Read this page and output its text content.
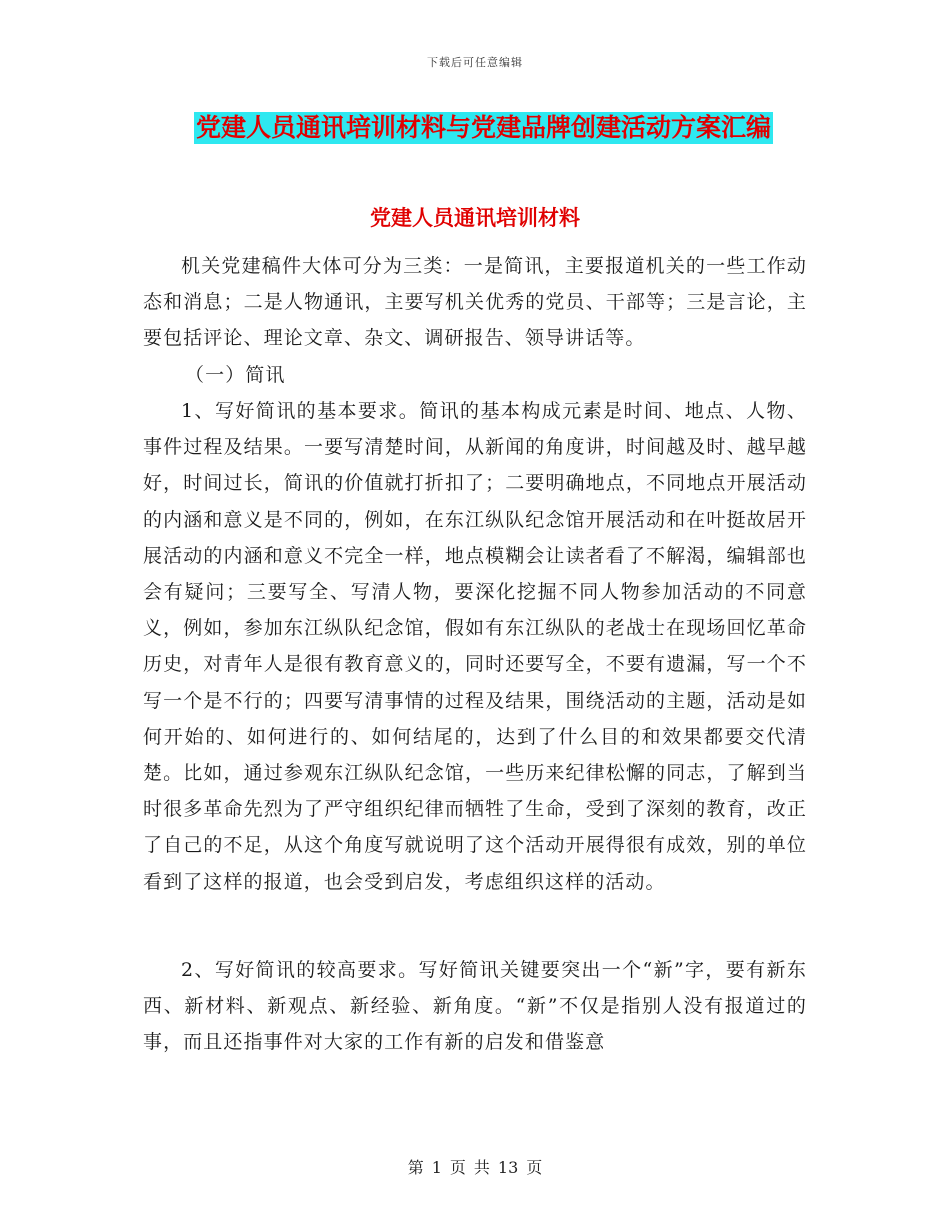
下载后可任意编辑
党建人员通讯培训材料与党建品牌创建活动方案汇编
党建人员通讯培训材料

机关党建稿件大体可分为三类：一是简讯，主要报道机关的一些工作动态和消息；二是人物通讯，主要写机关优秀的党员、干部等；三是言论，主要包括评论、理论文章、杂文、调研报告、领导讲话等。

（一）简讯

1、写好简讯的基本要求。简讯的基本构成元素是时间、地点、人物、事件过程及结果。一要写清楚时间，从新闻的角度讲，时间越及时、越早越好，时间过长，简讯的价值就打折扣了；二要明确地点，不同地点开展活动的内涵和意义是不同的，例如，在东江纵队纪念馆开展活动和在叶挺故居开展活动的内涵和意义不完全一样，地点模糊会让读者看了不解渴，编辑部也会有疑问；三要写全、写清人物，要深化挖掘不同人物参加活动的不同意义，例如，参加东江纵队纪念馆，假如有东江纵队的老战士在现场回忆革命历史，对青年人是很有教育意义的，同时还要写全，不要有遗漏，写一个不写一个是不行的；四要写清事情的过程及结果，围绕活动的主题，活动是如何开始的、如何进行的、如何结尾的，达到了什么目的和效果都要交代清楚。比如，通过参观东江纵队纪念馆，一些历来纪律松懈的同志，了解到当时很多革命先烈为了严守组织纪律而牺牲了生命，受到了深刻的教育，改正了自己的不足，从这个角度写就说明了这个活动开展得很有成效，别的单位看到了这样的报道，也会受到启发，考虑组织这样的活动。

2、写好简讯的较高要求。写好简讯关键要突出一个“新”字，要有新东西、新材料、新观点、新经验、新角度。“新”不仅是指别人没有报道过的事，而且还指事件对大家的工作有新的启发和借鉴意

第 1 页 共 13 页
